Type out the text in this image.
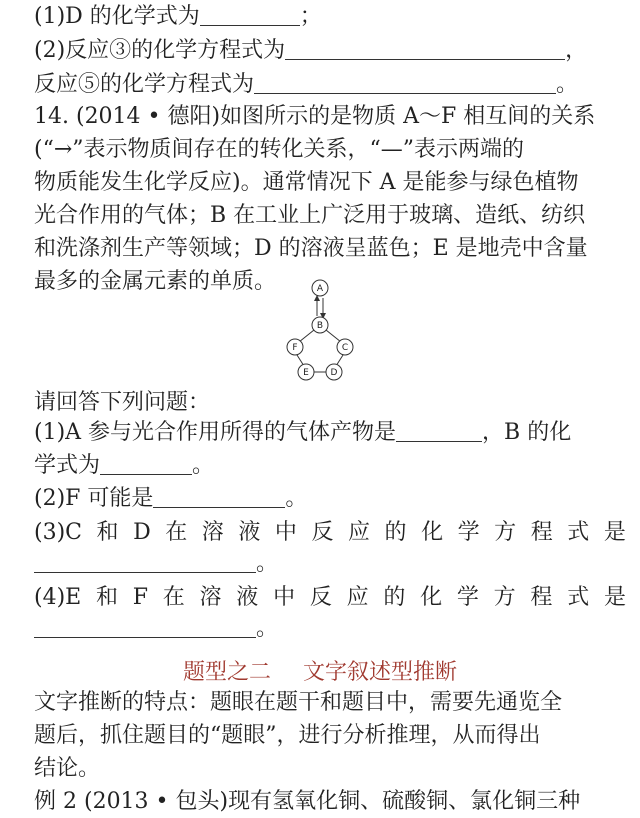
(1)D 的化学式为	；
(2)反应③的化学方程式为	，
反应⑤的化学方程式为	。
14. (2014 • 德阳)如图所示的是物质 A～F 相互间的关系
(“→”表示物质间存在的转化关系，“—”表示两端的
物质能发生化学反应)。通常情况下 A 是能参与绿色植物
光合作用的气体；B 在工业上广泛用于玻璃、造纸、纺织
和洗涤剂生产等领域；D 的溶液呈蓝色；E 是地壳中含量
最多的金属元素的单质。	A
B
C
D
E
F
请回答下列问题：
(1)A 参与光合作用所得的气体产物是	，B 的化
学式为	。
(2)F 可能是	。
(3)C 和 D 在 溶 液 中 反 应 的 化 学 方 程 式 是
。
(4)E 和 F 在 溶 液 中 反 应 的 化 学 方 程 式 是
。
题型之二 文字叙述型推断
文字推断的特点：题眼在题干和题目中，需要先通览全
题后，抓住题目的“题眼”，进行分析推理，从而得出
结论。
例 2 (2013 • 包头)现有氢氧化铜、硫酸铜、氯化铜三种
